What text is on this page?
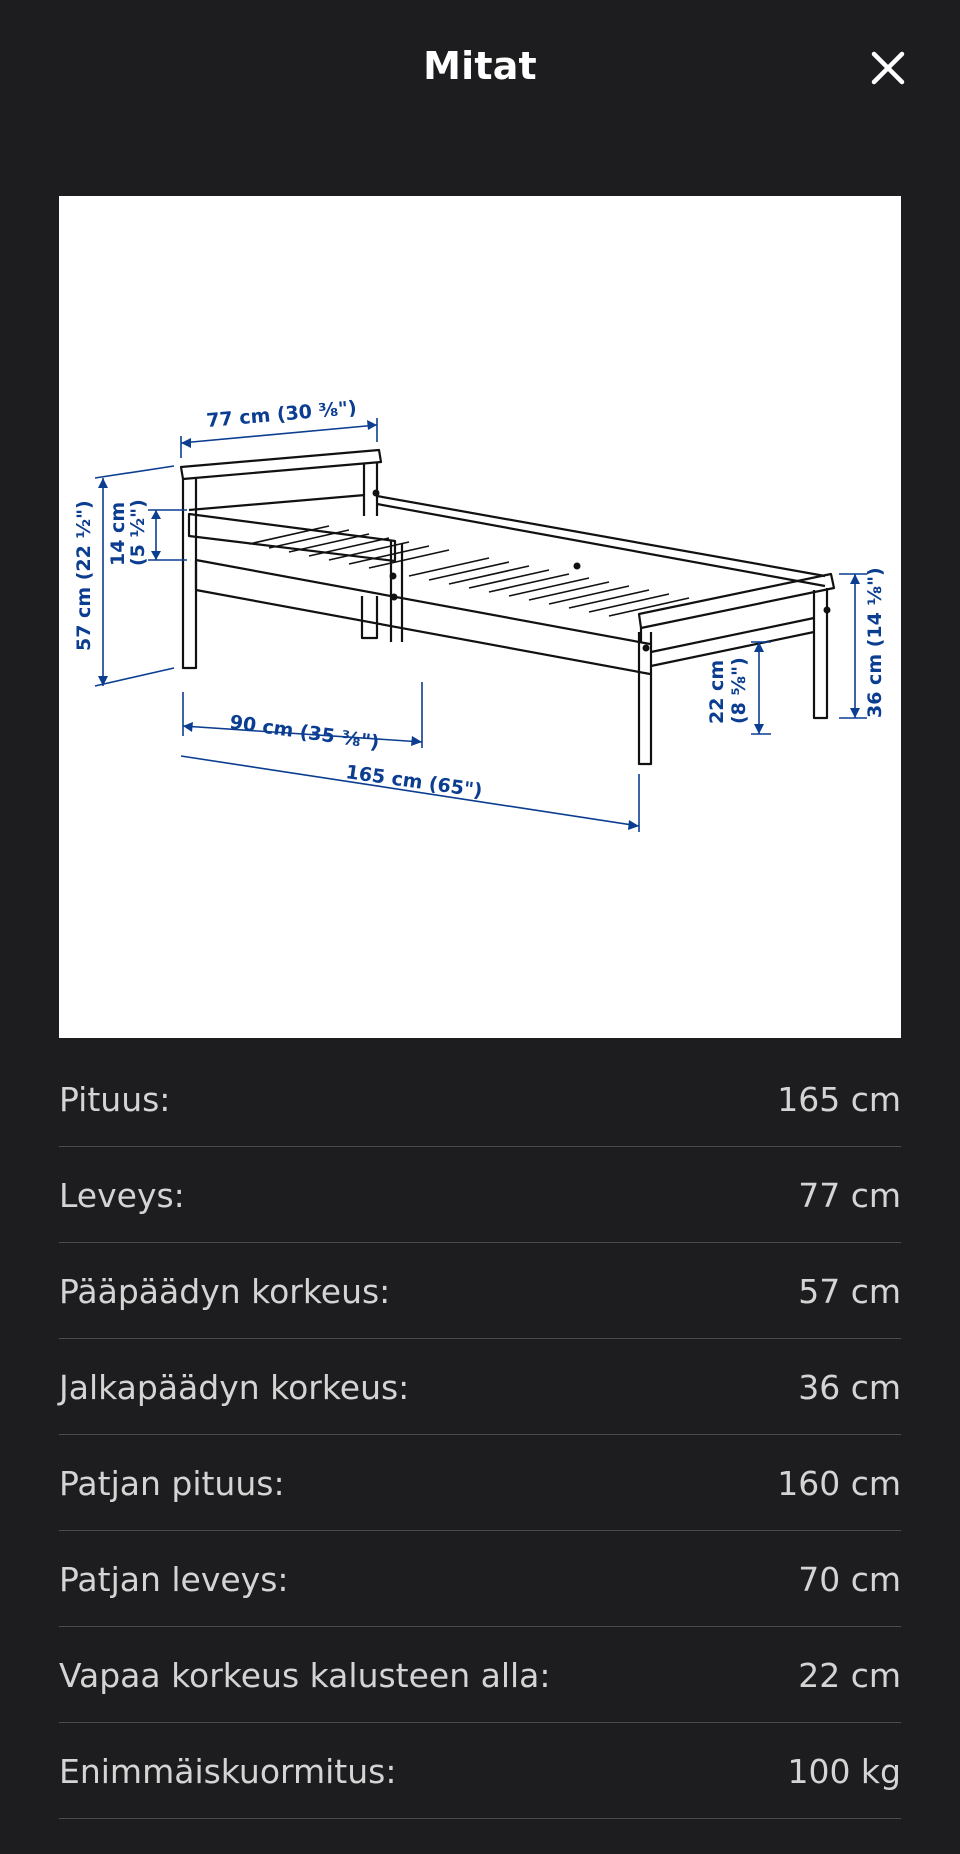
Mitat
77 cm (30 ⅜")
57 cm (22 ½") 14 cm
(5 ½")
90 cm (35 ⅜")
165 cm (65")
22 cm (8 ⅝")	36 cm (14 ⅛")
Pituus:	165 cm
Leveys:	77 cm
Pääpäädyn korkeus:	57 cm
Jalkapäädyn korkeus:	36 cm
Patjan pituus:	160 cm
Patjan leveys:	70 cm
Vapaa korkeus kalusteen alla:	22 cm
Enimmäiskuormitus:	100 kg
